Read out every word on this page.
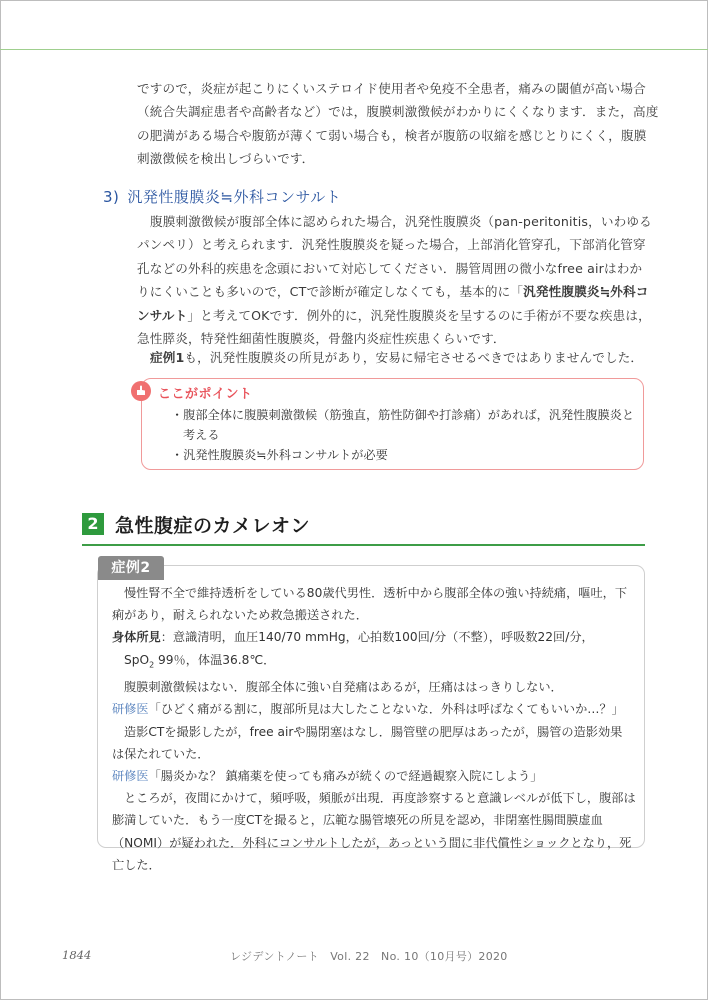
ですので，炎症が起こりにくいステロイド使用者や免疫不全患者，痛みの閾値が高い場合
（統合失調症患者や高齢者など）では，腹膜刺激徴候がわかりにくくなります．また，高度
の肥満がある場合や腹筋が薄くて弱い場合も，検者が腹筋の収縮を感じとりにくく，腹膜
刺激徴候を検出しづらいです．
3) 汎発性腹膜炎≒外科コンサルト
腹膜刺激徴候が腹部全体に認められた場合，汎発性腹膜炎（pan-peritonitis，いわゆる
パンペリ）と考えられます．汎発性腹膜炎を疑った場合，上部消化管穿孔，下部消化管穿
孔などの外科的疾患を念頭において対応してください．腸管周囲の微小なfree airはわか
りにくいことも多いので，CTで診断が確定しなくても，基本的に「汎発性腹膜炎≒外科コ
ンサルト」と考えてOKです．例外的に，汎発性腹膜炎を呈するのに手術が不要な疾患は，
急性膵炎，特発性細菌性腹膜炎，骨盤内炎症性疾患くらいです．
症例1も，汎発性腹膜炎の所見があり，安易に帰宅させるべきではありませんでした．
ここがポイント
・腹部全体に腹膜刺激徴候（筋強直，筋性防御や打診痛）があれば，汎発性腹膜炎と
考える
・汎発性腹膜炎≒外科コンサルトが必要
2 急性腹症のカメレオン
症例2
慢性腎不全で維持透析をしている80歳代男性．透析中から腹部全体の強い持続痛，嘔吐，下
痢があり，耐えられないため救急搬送された．
身体所見：意識清明，血圧140/70 mmHg，心拍数100回/分（不整），呼吸数22回/分，
SpO$_2$ 99％，体温36.8℃．
腹膜刺激徴候はない．腹部全体に強い自発痛はあるが，圧痛ははっきりしない．
研修医「ひどく痛がる割に，腹部所見は大したことないな．外科は呼ばなくてもいいか…？」
造影CTを撮影したが，free airや腸閉塞はなし．腸管壁の肥厚はあったが，腸管の造影効果
は保たれていた．
研修医「腸炎かな？ 鎮痛薬を使っても痛みが続くので経過観察入院にしよう」
ところが，夜間にかけて，頻呼吸，頻脈が出現．再度診察すると意識レベルが低下し，腹部は
膨満していた．もう一度CTを撮ると，広範な腸管壊死の所見を認め，非閉塞性腸間膜虚血
（NOMI）が疑われた．外科にコンサルトしたが，あっという間に非代償性ショックとなり，死
亡した．
1844	レジデントノート　Vol. 22　No. 10（10月号）2020
